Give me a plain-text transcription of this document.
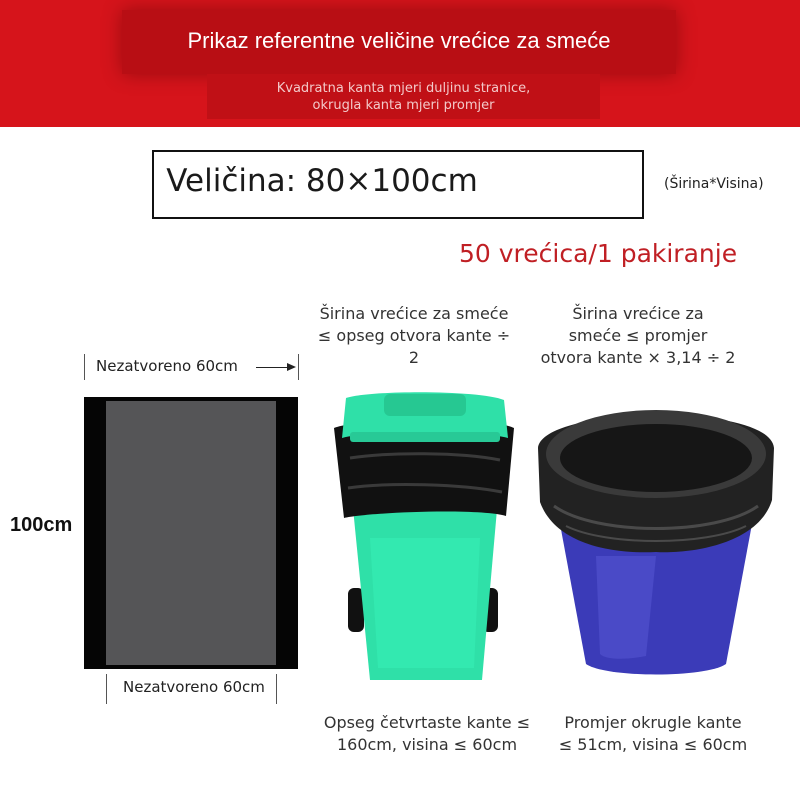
Prikaz referentne veličine vrećice za smeće
Kvadratna kanta mjeri duljinu stranice,
okrugla kanta mjeri promjer
Veličina: 80×100cm	(Širina*Visina)
50 vrećica/1 pakiranje
Nezatvoreno 60cm
100cm
Nezatvoreno 60cm
Širina vrećice za smeće
≤ opseg otvora kante ÷
2
Širina vrećice za
smeće ≤ promjer
otvora kante × 3,14 ÷ 2
Opseg četvrtaste kante ≤
160cm, visina ≤ 60cm
Promjer okrugle kante
≤ 51cm, visina ≤ 60cm
